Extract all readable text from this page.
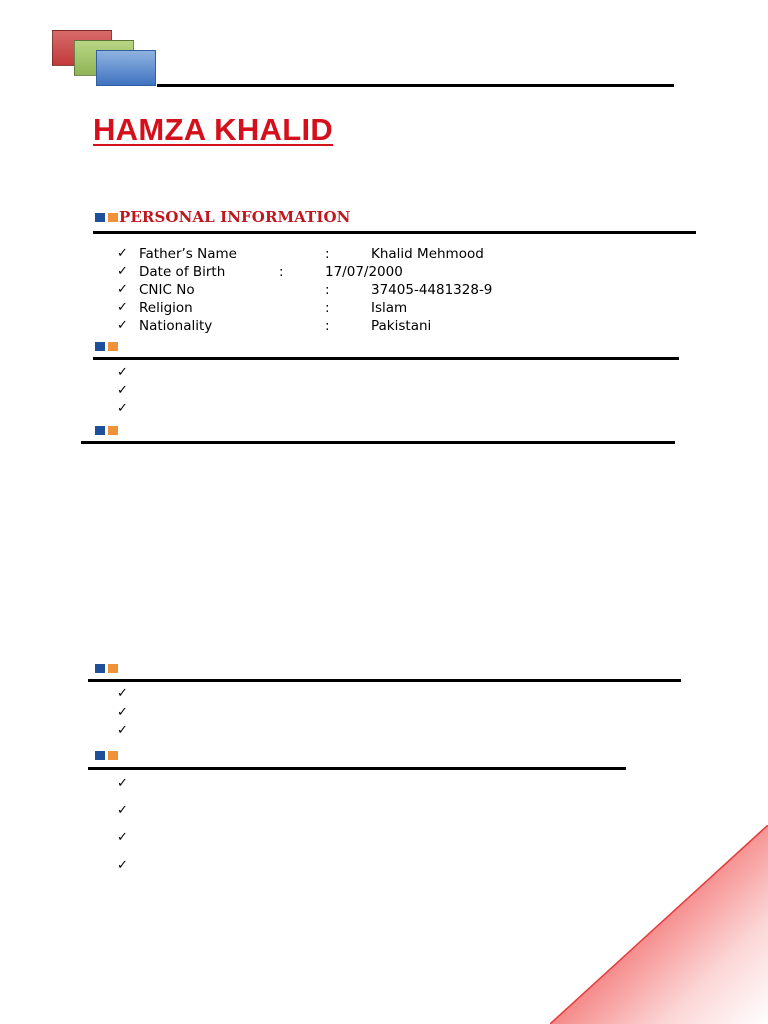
HAMZA KHALID
PERSONAL INFORMATION
✓ Father’s Name	:	Khalid Mehmood
✓ Date of Birth	:	17/07/2000
✓ CNIC No	:	37405-4481328-9
✓ Religion	:	Islam
✓ Nationality	:	Pakistani
✓
✓
✓
✓
✓
✓
✓
✓
✓
✓
